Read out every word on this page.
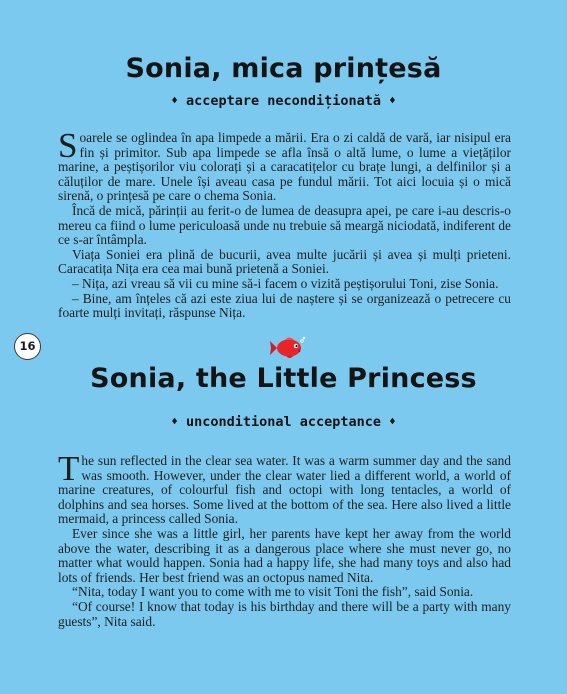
Sonia, mica prințesă
♦ acceptare necondiționată ♦

Soarele se oglindea în apa limpede a mării. Era o zi caldă de vară, iar nisipul era fin și primitor. Sub apa limpede se afla însă o altă lume, o lume a viețăților marine, a peștișorilor viu colorați și a caracatițelor cu brațe lungi, a delfinilor și a căluților de mare. Unele își aveau casa pe fundul mării. Tot aici locuia și o mică sirenă, o prințesă pe care o chema Sonia.

Încă de mică, părinții au ferit-o de lumea de deasupra apei, pe care i-au descris-o mereu ca fiind o lume periculoasă unde nu trebuie să meargă niciodată, indiferent de ce s-ar întâmpla.

Viața Soniei era plină de bucurii, avea multe jucării și avea și mulți prieteni. Caracatița Nița era cea mai bună prietenă a Soniei.

– Nița, azi vreau să vii cu mine să-i facem o vizită peștișorului Toni, zise Sonia.

– Bine, am înțeles că azi este ziua lui de naștere și se organizează o petrecere cu foarte mulți invitați, răspunse Nița.

16
Sonia, the Little Princess
♦ unconditional acceptance ♦

The sun reflected in the clear sea water. It was a warm summer day and the sand was smooth. However, under the clear water lied a different world, a world of marine creatures, of colourful fish and octopi with long tentacles, a world of dolphins and sea horses. Some lived at the bottom of the sea. Here also lived a little mermaid, a princess called Sonia.

Ever since she was a little girl, her parents have kept her away from the world above the water, describing it as a dangerous place where she must never go, no matter what would happen. Sonia had a happy life, she had many toys and also had lots of friends. Her best friend was an octopus named Nita.

“Nita, today I want you to come with me to visit Toni the fish”, said Sonia.

“Of course! I know that today is his birthday and there will be a party with many guests”, Nita said.
